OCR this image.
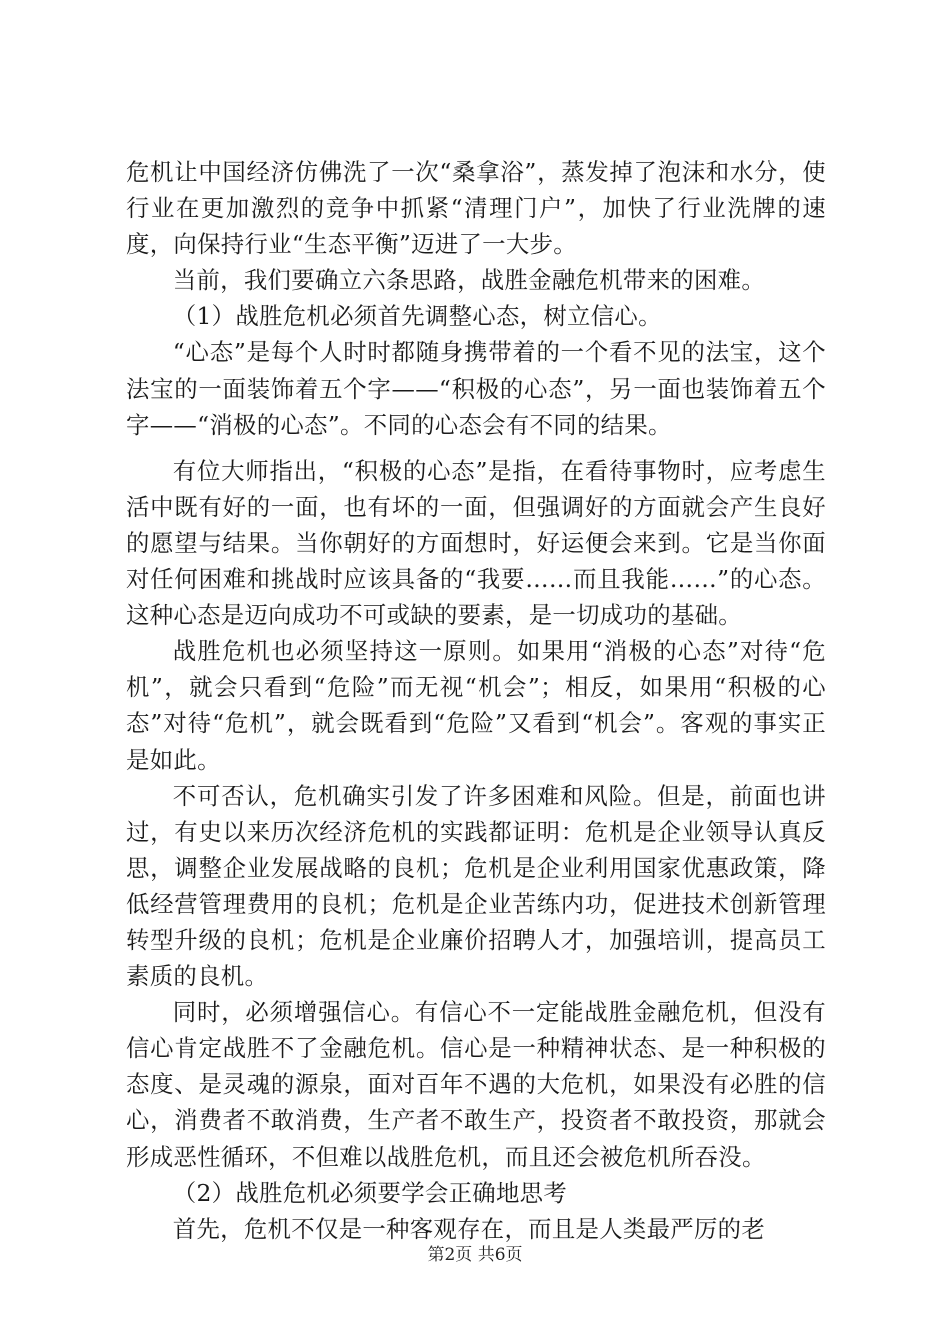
危机让中国经济仿佛洗了一次“桑拿浴”，蒸发掉了泡沫和水分，使行业在更加激烈的竞争中抓紧“清理门户”，加快了行业洗牌的速度，向保持行业“生态平衡”迈进了一大步。

当前，我们要确立六条思路，战胜金融危机带来的困难。

（1）战胜危机必须首先调整心态，树立信心。

“心态”是每个人时时都随身携带着的一个看不见的法宝，这个法宝的一面装饰着五个字——“积极的心态”，另一面也装饰着五个字——“消极的心态”。不同的心态会有不同的结果。

有位大师指出，“积极的心态”是指，在看待事物时，应考虑生活中既有好的一面，也有坏的一面，但强调好的方面就会产生良好的愿望与结果。当你朝好的方面想时，好运便会来到。它是当你面对任何困难和挑战时应该具备的“我要……而且我能……”的心态。这种心态是迈向成功不可或缺的要素，是一切成功的基础。

战胜危机也必须坚持这一原则。如果用“消极的心态”对待“危机”，就会只看到“危险”而无视“机会”；相反，如果用“积极的心态”对待“危机”，就会既看到“危险”又看到“机会”。客观的事实正是如此。

不可否认，危机确实引发了许多困难和风险。但是，前面也讲过，有史以来历次经济危机的实践都证明：危机是企业领导认真反思，调整企业发展战略的良机；危机是企业利用国家优惠政策，降低经营管理费用的良机；危机是企业苦练内功，促进技术创新管理转型升级的良机；危机是企业廉价招聘人才，加强培训，提高员工素质的良机。

同时，必须增强信心。有信心不一定能战胜金融危机，但没有信心肯定战胜不了金融危机。信心是一种精神状态、是一种积极的态度、是灵魂的源泉，面对百年不遇的大危机，如果没有必胜的信心，消费者不敢消费，生产者不敢生产，投资者不敢投资，那就会形成恶性循环，不但难以战胜危机，而且还会被危机所吞没。

（2）战胜危机必须要学会正确地思考

首先，危机不仅是一种客观存在，而且是人类最严厉的老

第2页 共6页
